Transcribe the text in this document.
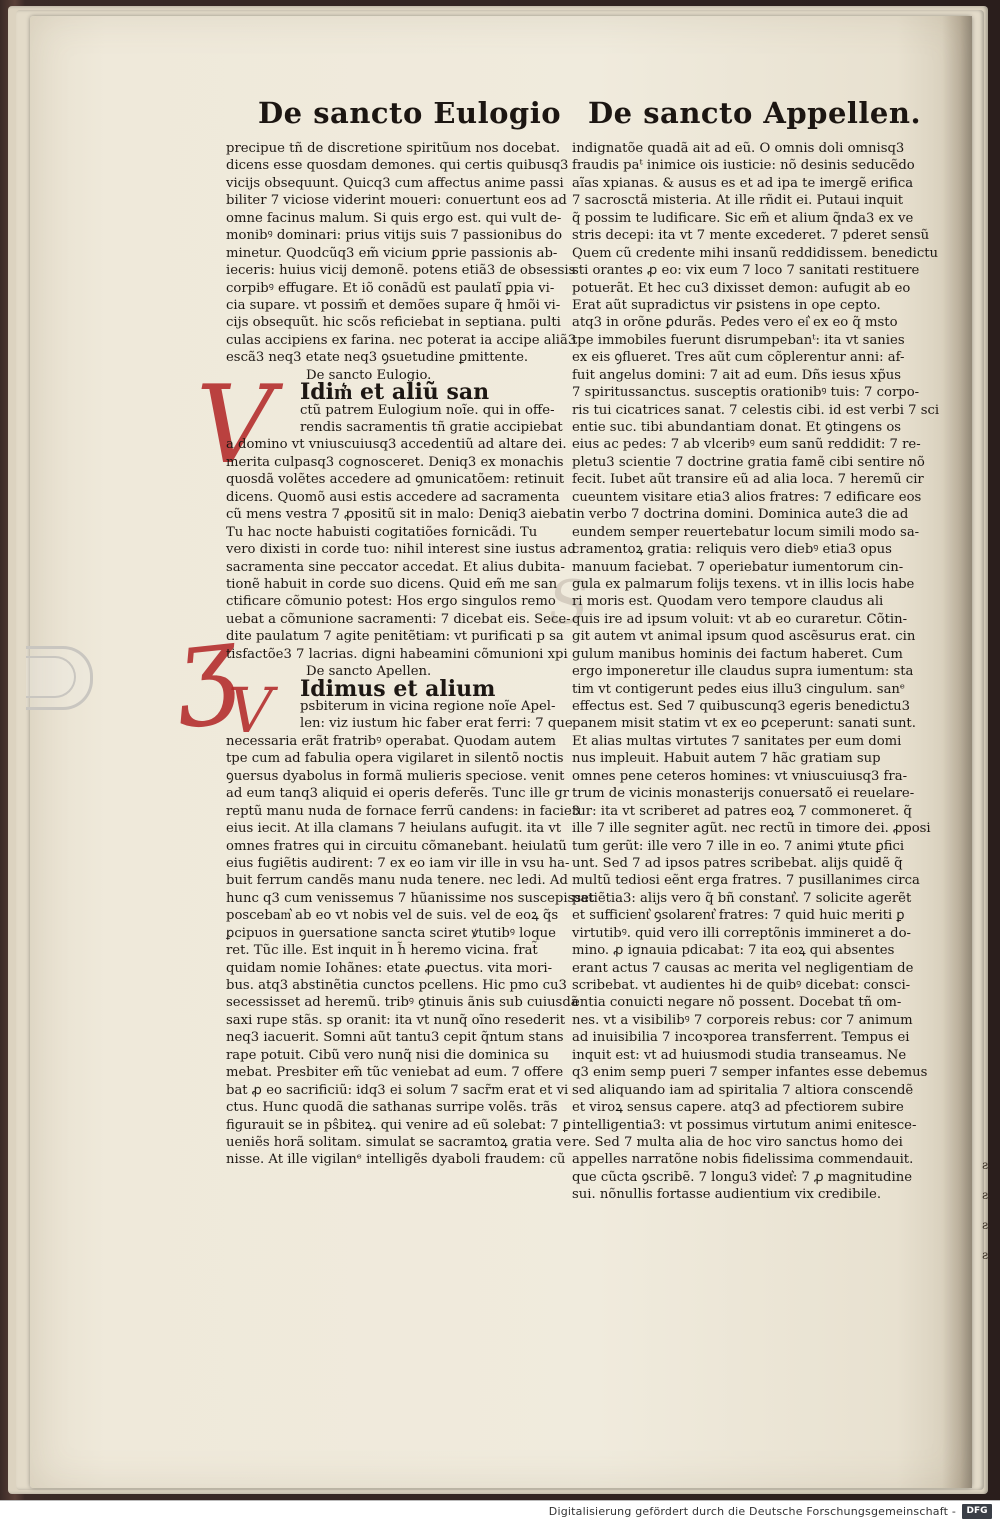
De sancto Eulogio De sancto Appellen.
V
ʒ
V
S
precipue tñ de discretione spiritũum nos docebat.
dicens esse quosdam demones. qui certis quibusq3
vicijs obsequunt. Quicq3 cum affectus anime passi
biliter 7 viciose viderint moueri: conuertunt eos ad
omne facinus malum. Si quis ergo est. qui vult de-
monibꝰ dominari: prius vitijs suis 7 passionibus do
minetur. Quodcũq3 em̃ vicium ꝑprie passionis ab-
ieceris: huius vicij demonẽ. potens etiã3 de obsessis
corpibꝰ effugare. Et iõ conãdũ est paulatĩ ꝑpia vi-
cia supare. vt possim̃ et demões supare q̃ hmõi vi-
cijs obsequũt. hic scõs reficiebat in septiana. pulti
culas accipiens ex farina. nec poterat ia accipe aliã3
escã3 neq3 etate neq3 ꝯsuetudine ꝑmittente.
De sancto Eulogio.
Idim͛ et aliũ san
ctũ patrem Eulogium noĩe. qui in offe-
rendis sacramentis tñ gratie accipiebat
a domino vt vniuscuiusq3 accedentiũ ad altare dei.
merita culpasq3 cognosceret. Deniq3 ex monachis
quosdã volẽtes accedere ad ꝯmunicatõem: retinuit
dicens. Quomõ ausi estis accedere ad sacramenta
cũ mens vestra 7 ꝓpositũ sit in malo: Deniq3 aiebat
Tu hac nocte habuisti cogitatiões fornicãdi. Tu
vero dixisti in corde tuo: nihil interest sine iustus ad
sacramenta sine peccator accedat. Et alius dubita-
tionẽ habuit in corde suo dicens. Quid em̃ me san
ctificare cõmunio potest: Hos ergo singulos remo
uebat a cõmunione sacramenti: 7 dicebat eis. Sece-
dite paulatum 7 agite penitẽtiam: vt purificati p sa
tisfactõe3 7 lacrias. digni habeamini cõmunioni xpi
De sancto Apellen.
Idimus et alium
psbiterum in vicina regione noĩe Apel-
len: viz iustum hic faber erat ferri: 7 que
necessaria erãt fratribꝰ operabat. Quodam autem
tpe cum ad fabulia opera vigilaret in silentõ noctis
ꝯuersus dyabolus in formã mulieris speciose. venit
ad eum tanq3 aliquid ei operis deferẽs. Tunc ille gr
reptũ manu nuda de fornace ferrũ candens: in facie3
eius iecit. At illa clamans 7 heiulans aufugit. ita vt
omnes fratres qui in circuitu cõmanebant. heiulatũ
eius fugiẽtis audirent: 7 ex eo iam vir ille in vsu ha-
buit ferrum candẽs manu nuda tenere. nec ledi. Ad
hunc q3 cum venissemus 7 hũanissime nos suscepisset
poscebam͛ ab eo vt nobis vel de suis. vel de eoꝝ q̃s
ꝑcipuos in ꝯuersatione sancta sciret ꝟtutibꝰ loque
ret. Tũc ille. Est inquit in h̃ heremo vicina. frat̃
quidam nomie Iohãnes: etate ꝓuectus. vita mori-
bus. atq3 abstinẽtia cunctos pcellens. Hic pmo cu3
secessisset ad heremũ. tribꝰ ꝯtinuis ãnis sub cuiusdã
saxi rupe stãs. sp oranit: ita vt nunq̃ oĩno resederit
neq3 iacuerit. Somni aũt tantu3 cepit q̃ntum stans
rape potuit. Cibũ vero nunq̃ nisi die dominica su
mebat. Presbiter em̃ tũc veniebat ad eum. 7 offere
bat ꝓ eo sacrificiũ: idq3 ei solum 7 sacr̃m erat et vi
ctus. Hunc quodã die sathanas surripe volẽs. trãs
figurauit se in pŝbiteꝝ. qui venire ad eũ solebat: 7 ꝑ
ueniẽs horã solitam. simulat se sacramtoꝝ gratia ve
nisse. At ille vigilanᵉ intelligẽs dyaboli fraudem: cũ
indignatõe quadã ait ad eũ. O omnis doli omnisq3
fraudis paᵗ inimice ois iusticie: nõ desinis seducẽdo
aĩas xpianas. & ausus es et ad ipa te imergẽ erifica
7 sacrosctã misteria. At ille rñdit ei. Putaui inquit
q̃ possim te ludificare. Sic em̃ et alium q̃nda3 ex ve
stris decepi: ita vt 7 mente excederet. 7 pderet sensũ
Quem cũ credente mihi insanũ reddidissem. benedictu
sti orantes ꝓ eo: vix eum 7 loco 7 sanitati restituere
potuerãt. Et hec cu3 dixisset demon: aufugit ab eo
Erat aũt supradictus vir ꝑsistens in ope cepto.
atq3 in orõne ꝑdurãs. Pedes vero ei͛ ex eo q̃ msto
tpe immobiles fuerunt disrumpebanᵗ: ita vt sanies
ex eis ꝯflueret. Tres aũt cum cõplerentur anni: af-
fuit angelus domini: 7 ait ad eum. Dñs iesus xp̃us
7 spiritussanctus. susceptis orationibꝰ tuis: 7 corpo-
ris tui cicatrices sanat. 7 celestis cibi. id est verbi 7 sci
entie suc. tibi abundantiam donat. Et ꝯtingens os
eius ac pedes: 7 ab vlceribꝰ eum sanũ reddidit: 7 re-
pletu3 scientie 7 doctrine gratia famẽ cibi sentire nõ
fecit. Iubet aũt transire eũ ad alia loca. 7 heremũ cir
cueuntem visitare etia3 alios fratres: 7 edificare eos
in verbo 7 doctrina domini. Dominica aute3 die ad
eundem semper reuertebatur locum simili modo sa-
cramentoꝝ gratia: reliquis vero diebꝰ etia3 opus
manuum faciebat. 7 operiebatur iumentorum cin-
gula ex palmarum folijs texens. vt in illis locis habe
ri moris est. Quodam vero tempore claudus ali
quis ire ad ipsum voluit: vt ab eo curaretur. Cõtin-
git autem vt animal ipsum quod ascẽsurus erat. cin
gulum manibus hominis dei factum haberet. Cum
ergo imponeretur ille claudus supra iumentum: sta
tim vt contigerunt pedes eius illu3 cingulum. sanᵉ
effectus est. Sed 7 quibuscunq3 egeris benedictu3
panem misit statim vt ex eo ꝑceperunt: sanati sunt.
Et alias multas virtutes 7 sanitates per eum domi
nus impleuit. Habuit autem 7 hãc gratiam sup
omnes pene ceteros homines: vt vniuscuiusq3 fra-
trum de vicinis monasterijs conuersatõ ei reuelare-
tur: ita vt scriberet ad patres eoꝝ 7 commoneret. q̃
ille 7 ille segniter agũt. nec rectũ in timore dei. ꝓposi
tum gerũt: ille vero 7 ille in eo. 7 animi ꝟtute ꝑfici
unt. Sed 7 ad ipsos patres scribebat. alijs quidẽ q̃
multũ tediosi eẽnt erga fratres. 7 pusillanimes circa
patiẽtia3: alijs vero q̃ bñ constant͛. 7 solicite agerẽt
et sufficient͛ ꝯsolarent͛ fratres: 7 quid huic meriti ꝑ
virtutibꝰ. quid vero illi correptõnis immineret a do-
mino. ꝓ ignauia pdicabat: 7 ita eoꝝ qui absentes
erant actus 7 causas ac merita vel negligentiam de
scribebat. vt audientes hi de quibꝰ dicebat: consci-
entia conuicti negare nõ possent. Docebat tñ om-
nes. vt a visibilibꝰ 7 corporeis rebus: cor 7 animum
ad inuisibilia 7 incoꝛporea transferrent. Tempus ei
inquit est: vt ad huiusmodi studia transeamus. Ne
q3 enim semp pueri 7 semper infantes esse debemus
sed aliquando iam ad spiritalia 7 altiora conscendẽ
et viroꝝ sensus capere. atq3 ad pfectiorem subire
intelligentia3: vt possimus virtutum animi enitesce-
re. Sed 7 multa alia de hoc viro sanctus homo dei
appelles narratõne nobis fidelissima commendauit.
que cũcta ꝯscribẽ. 7 longu3 videt͛: 7 ꝓ magnitudine
sui. nõnullis fortasse audientium vix credibile.
ƨ
ƨ
ƨ
ƨ
Digitalisierung gefördert durch die Deutsche Forschungsgemeinschaft -	DFG
